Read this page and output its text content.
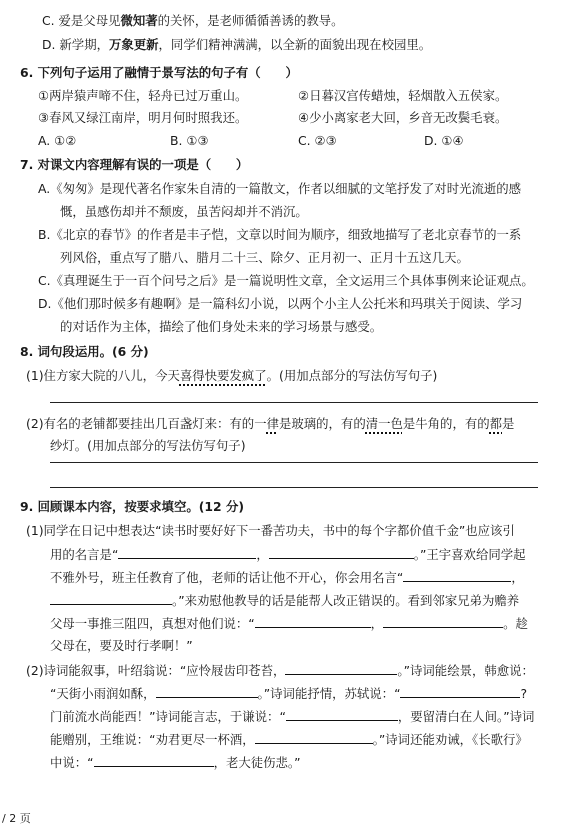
C. 爱是父母见微知著的关怀，是老师循循善诱的教导。
D. 新学期，万象更新，同学们精神满满，以全新的面貌出现在校园里。
6. 下列句子运用了融情于景写法的句子有（　　）
①两岸猿声啼不住，轻舟已过万重山。	②日暮汉宫传蜡烛，轻烟散入五侯家。
③春风又绿江南岸，明月何时照我还。	④少小离家老大回，乡音无改鬓毛衰。
A. ①②	B. ①③	C. ②③	D. ①④
7. 对课文内容理解有误的一项是（　　）
A.《匆匆》是现代著名作家朱自清的一篇散文，作者以细腻的文笔抒发了对时光流逝的感
慨，虽感伤却并不颓废，虽苦闷却并不消沉。
B.《北京的春节》的作者是丰子恺，文章以时间为顺序，细致地描写了老北京春节的一系
列风俗，重点写了腊八、腊月二十三、除夕、正月初一、正月十五这几天。
C.《真理诞生于一百个问号之后》是一篇说明性文章，全文运用三个具体事例来论证观点。
D.《他们那时候多有趣啊》是一篇科幻小说，以两个小主人公托米和玛琪关于阅读、学习
的对话作为主体，描绘了他们身处未来的学习场景与感受。
8. 词句段运用。(6 分)
(1)住方家大院的八儿，今天喜得快要发疯了。(用加点部分的写法仿写句子)
(2)有名的老铺都要挂出几百盏灯来：有的一律是玻璃的，有的清一色是牛角的，有的都是
纱灯。(用加点部分的写法仿写句子)
9. 回顾课本内容，按要求填空。(12 分)
(1)同学在日记中想表达“读书时要好好下一番苦功夫，书中的每个字都价值千金”也应该引
用的名言是“	，	。”王宇喜欢给同学起
不雅外号，班主任教育了他，老师的话让他不开心，你会用名言“	，
。”来劝慰他教导的话是能帮人改正错误的。看到邻家兄弟为赡养
父母一事推三阻四，真想对他们说：“	，	。趁
父母在，要及时行孝啊！”
(2)诗词能叙事，叶绍翁说：“应怜屐齿印苍苔，	。”诗词能绘景，韩愈说：
“天街小雨润如酥，	。”诗词能抒情，苏轼说：“	?
门前流水尚能西！”诗词能言志，于谦说：“	，要留清白在人间。”诗词
能赠别，王维说：“劝君更尽一杯酒，	。”诗词还能劝诫，《长歌行》
中说：“	，老大徒伤悲。”
/ 2 页
